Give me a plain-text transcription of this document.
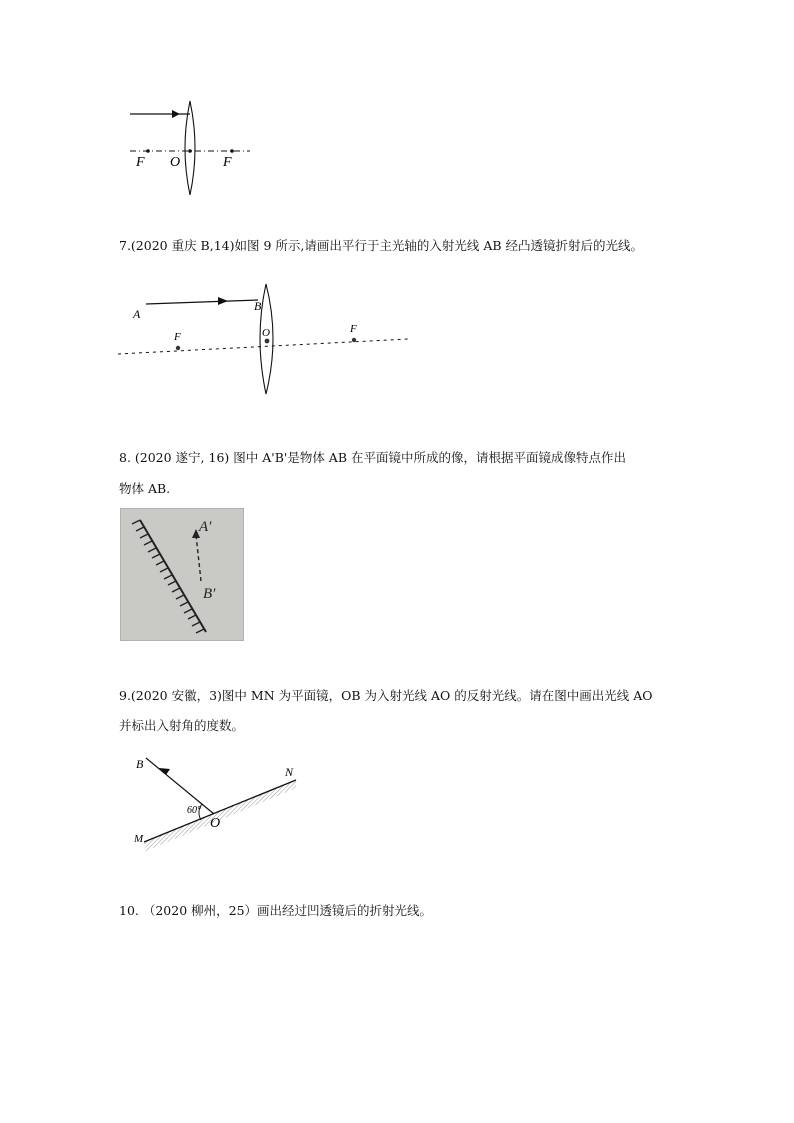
F O	F
7.(2020 重庆 B,14)如图 9 所示,请画出平行于主光轴的入射光线 AB 经凸透镜折射后的光线。
A
B
F	O	F
8. (2020 遂宁, 16) 图中 A'B'是物体 AB 在平面镜中所成的像，请根据平面镜成像特点作出
物体 AB.
A′
B′
9.(2020 安徽，3)图中 MN 为平面镜，OB 为入射光线 AO 的反射光线。请在图中画出光线 AO
并标出入射角的度数。
B
N
M
O
60°
10. （2020 柳州，25）画出经过凹透镜后的折射光线。
